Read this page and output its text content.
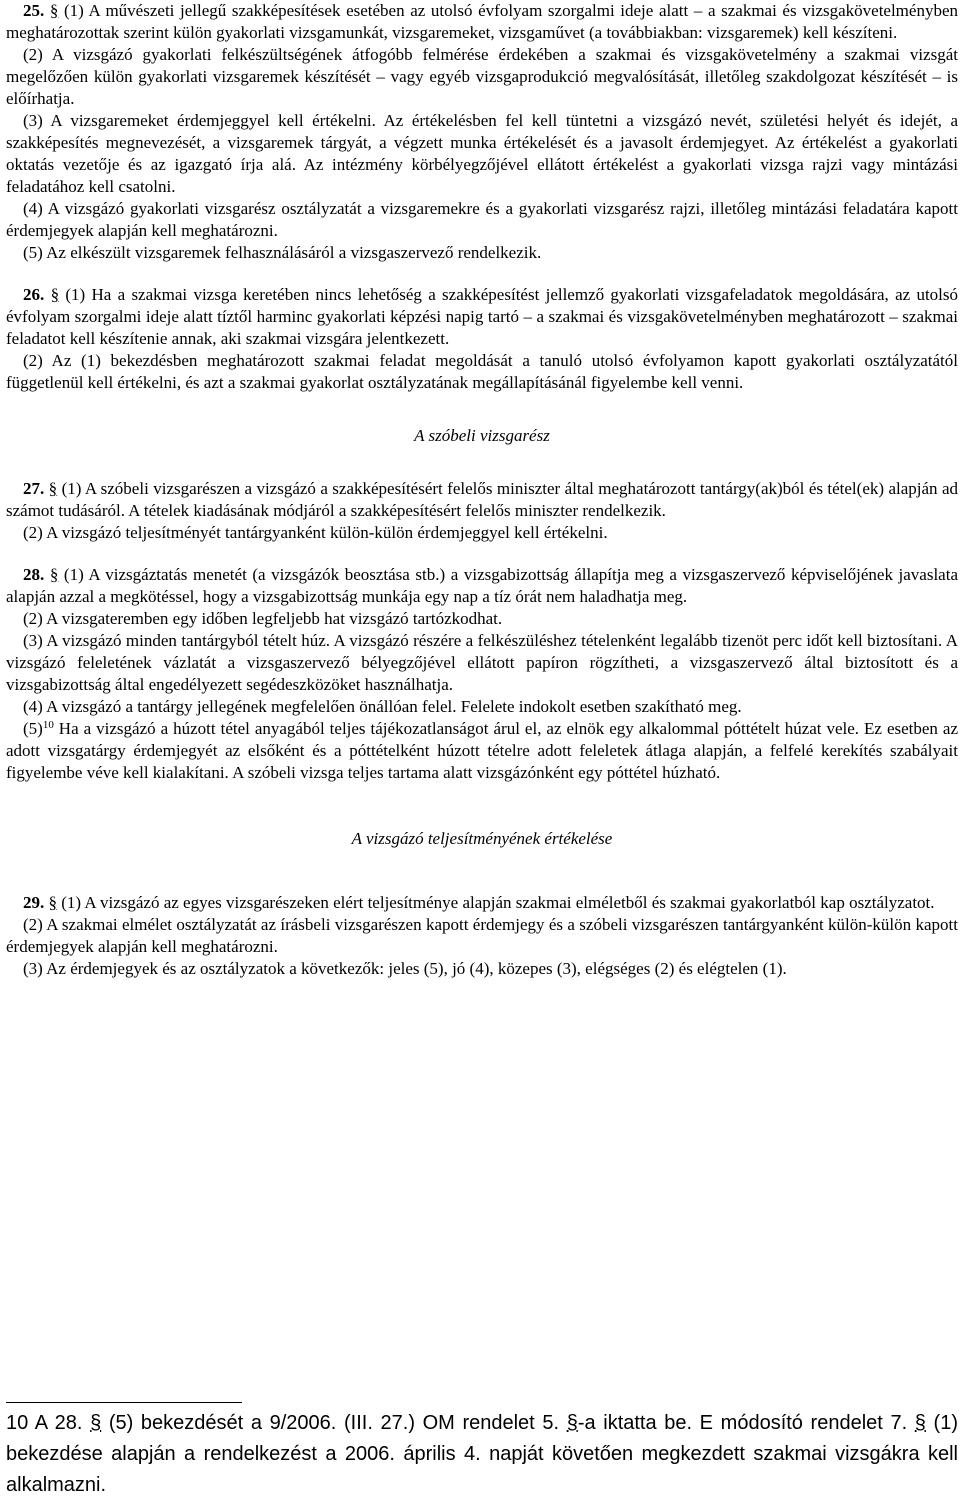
25. § (1) A művészeti jellegű szakképesítések esetében az utolsó évfolyam szorgalmi ideje alatt – a szakmai és vizsgakövetelményben meghatározottak szerint külön gyakorlati vizsgamunkát, vizsgaremeket, vizsgaművet (a továbbiakban: vizsgaremek) kell készíteni.

(2) A vizsgázó gyakorlati felkészültségének átfogóbb felmérése érdekében a szakmai és vizsgakövetelmény a szakmai vizsgát megelőzően külön gyakorlati vizsgaremek készítését – vagy egyéb vizsgaprodukció megvalósítását, illetőleg szakdolgozat készítését – is előírhatja.

(3) A vizsgaremeket érdemjeggyel kell értékelni. Az értékelésben fel kell tüntetni a vizsgázó nevét, születési helyét és idejét, a szakképesítés megnevezését, a vizsgaremek tárgyát, a végzett munka értékelését és a javasolt érdemjegyet. Az értékelést a gyakorlati oktatás vezetője és az igazgató írja alá. Az intézmény körbélyegzőjével ellátott értékelést a gyakorlati vizsga rajzi vagy mintázási feladatához kell csatolni.

(4) A vizsgázó gyakorlati vizsgarész osztályzatát a vizsgaremekre és a gyakorlati vizsgarész rajzi, illetőleg mintázási feladatára kapott érdemjegyek alapján kell meghatározni.

(5) Az elkészült vizsgaremek felhasználásáról a vizsgaszervező rendelkezik.

26. § (1) Ha a szakmai vizsga keretében nincs lehetőség a szakképesítést jellemző gyakorlati vizsgafeladatok megoldására, az utolsó évfolyam szorgalmi ideje alatt tíztől harminc gyakorlati képzési napig tartó – a szakmai és vizsgakövetelményben meghatározott – szakmai feladatot kell készítenie annak, aki szakmai vizsgára jelentkezett.

(2) Az (1) bekezdésben meghatározott szakmai feladat megoldását a tanuló utolsó évfolyamon kapott gyakorlati osztályzatától függetlenül kell értékelni, és azt a szakmai gyakorlat osztályzatának megállapításánál figyelembe kell venni.

A szóbeli vizsgarész

27. § (1) A szóbeli vizsgarészen a vizsgázó a szakképesítésért felelős miniszter által meghatározott tantárgy(ak)ból és tétel(ek) alapján ad számot tudásáról. A tételek kiadásának módjáról a szakképesítésért felelős miniszter rendelkezik.

(2) A vizsgázó teljesítményét tantárgyanként külön-külön érdemjeggyel kell értékelni.

28. § (1) A vizsgáztatás menetét (a vizsgázók beosztása stb.) a vizsgabizottság állapítja meg a vizsgaszervező képviselőjének javaslata alapján azzal a megkötéssel, hogy a vizsgabizottság munkája egy nap a tíz órát nem haladhatja meg.

(2) A vizsgateremben egy időben legfeljebb hat vizsgázó tartózkodhat.

(3) A vizsgázó minden tantárgyból tételt húz. A vizsgázó részére a felkészüléshez tételenként legalább tizenöt perc időt kell biztosítani. A vizsgázó feleletének vázlatát a vizsgaszervező bélyegzőjével ellátott papíron rögzítheti, a vizsgaszervező által biztosított és a vizsgabizottság által engedélyezett segédeszközöket használhatja.

(4) A vizsgázó a tantárgy jellegének megfelelően önállóan felel. Felelete indokolt esetben szakítható meg.

$(5)^{10}$ Ha a vizsgázó a húzott tétel anyagából teljes tájékozatlanságot árul el, az elnök egy alkalommal póttételt húzat vele. Ez esetben az adott vizsgatárgy érdemjegyét az elsőként és a póttételként húzott tételre adott feleletek átlaga alapján, a felfelé kerekítés szabályait figyelembe véve kell kialakítani. A szóbeli vizsga teljes tartama alatt vizsgázónként egy póttétel húzható.

A vizsgázó teljesítményének értékelése

29. § (1) A vizsgázó az egyes vizsgarészeken elért teljesítménye alapján szakmai elméletből és szakmai gyakorlatból kap osztályzatot.

(2) A szakmai elmélet osztályzatát az írásbeli vizsgarészen kapott érdemjegy és a szóbeli vizsgarészen tantárgyanként külön-külön kapott érdemjegyek alapján kell meghatározni.

(3) Az érdemjegyek és az osztályzatok a következők: jeles (5), jó (4), közepes (3), elégséges (2) és elégtelen (1).

10 A 28. § (5) bekezdését a 9/2006. (III. 27.) OM rendelet 5. §-a iktatta be. E módosító rendelet 7. § (1) bekezdése alapján a rendelkezést a 2006. április 4. napját követően megkezdett szakmai vizsgákra kell alkalmazni.
